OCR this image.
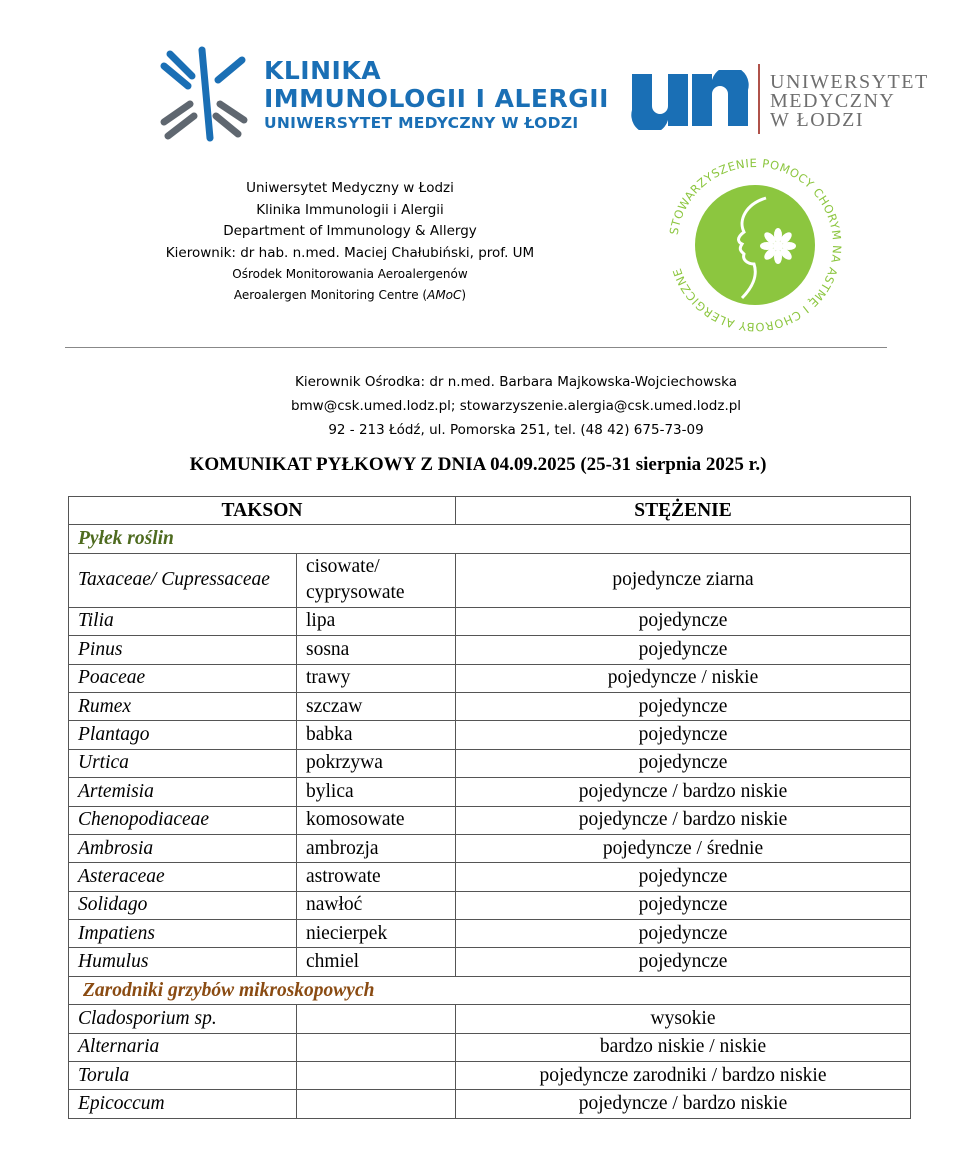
KLINIKA
IMMUNOLOGII I ALERGII
UNIWERSYTET MEDYCZNY W ŁODZI
UNIWERSYTET
MEDYCZNY
W ŁODZI
STOWARZYSZENIE POMOCY CHORY A ASTMĘ I CHOROBY ALERGICZNE
Uniwersytet Medyczny w Łodzi
Klinika Immunologii i Alergii
Department of Immunology & Allergy
Kierownik: dr hab. n.med. Maciej Chałubiński, prof. UM
Ośrodek Monitorowania Aeroalergenów
Aeroalergen Monitoring Centre (AMoC)
Kierownik Ośrodka: dr n.med. Barbara Majkowska-Wojciechowska
bmw@csk.umed.lodz.pl; stowarzyszenie.alergia@csk.umed.lodz.pl
92 - 213 Łódź, ul. Pomorska 251, tel. (48 42) 675-73-09
KOMUNIKAT PYŁKOWY Z DNIA 04.09.2025 (25-31 sierpnia 2025 r.)
TAKSON		STĘŻENIE
Pyłek roślin		
Taxaceae/ Cupressaceae	cisowate/ cyprysowate	pojedyncze ziarna
Tilia	lipa	pojedyncze
Pinus	sosna	pojedyncze
Poaceae	trawy	pojedyncze / niskie
Rumex	szczaw	pojedyncze
Plantago	babka	pojedyncze
Urtica	pokrzywa	pojedyncze
Artemisia	bylica	pojedyncze / bardzo niskie
Chenopodiaceae	komosowate	pojedyncze / bardzo niskie
Ambrosia	ambrozja	pojedyncze / średnie
Asteraceae	astrowate	pojedyncze
Solidago	nawłoć	pojedyncze
Impatiens	niecierpek	pojedyncze
Humulus	chmiel	pojedyncze
Zarodniki grzybów mikroskopowych		
Cladosporium sp.		wysokie
Alternaria		bardzo niskie / niskie
Torula		pojedyncze zarodniki / bardzo niskie
Epicoccum		pojedyncze / bardzo niskie
